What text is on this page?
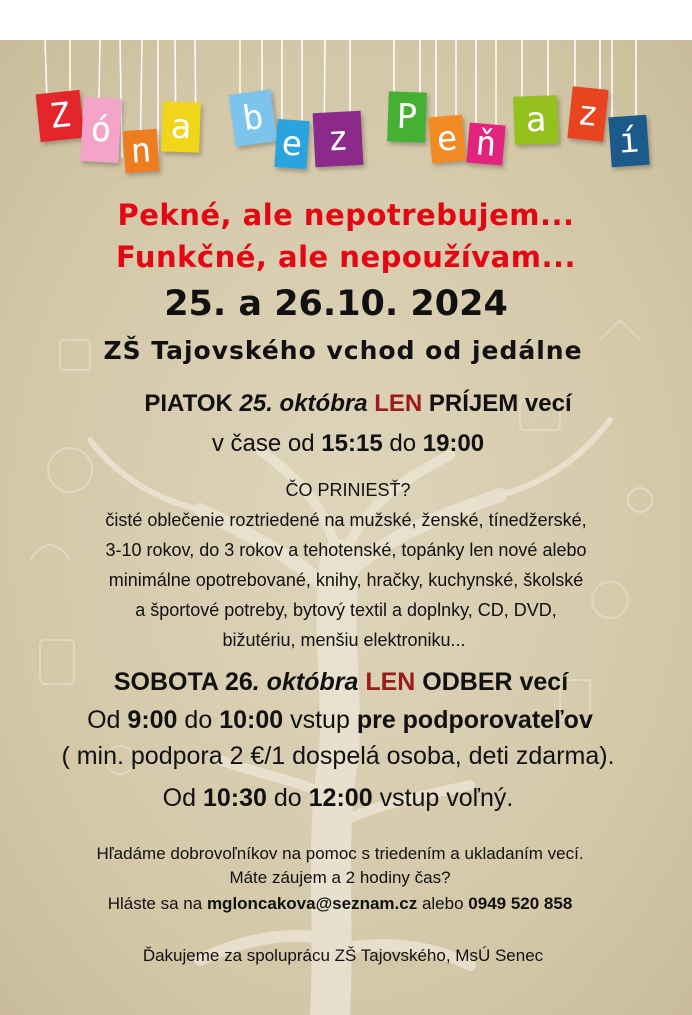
Z ó
n
a	b
e z
P
e ň
a z
í
Pekné, ale nepotrebujem...
Funkčné, ale nepoužívam...
25. a 26.10. 2024
ZŠ Tajovského vchod od jedálne
PIATOK 25. októbra LEN PRÍJEM vecí
v čase od 15:15 do 19:00
ČO PRINIESŤ?
čisté oblečenie roztriedené na mužské, ženské, tínedžerské,
3-10 rokov, do 3 rokov a tehotenské, topánky len nové alebo
minimálne opotrebované, knihy, hračky, kuchynské, školské
a športové potreby, bytový textil a doplnky, CD, DVD,
bižutériu, menšiu elektroniku...
SOBOTA 26. októbra LEN ODBER vecí
Od 9:00 do 10:00 vstup pre podporovateľov
( min. podpora 2 €/1 dospelá osoba, deti zdarma).
Od 10:30 do 12:00 vstup voľný.
Hľadáme dobrovoľníkov na pomoc s triedením a ukladaním vecí.
Máte záujem a 2 hodiny čas?
Hláste sa na mgloncakova@seznam.cz alebo 0949 520 858
Ďakujeme za spoluprácu ZŠ Tajovského, MsÚ Senec
